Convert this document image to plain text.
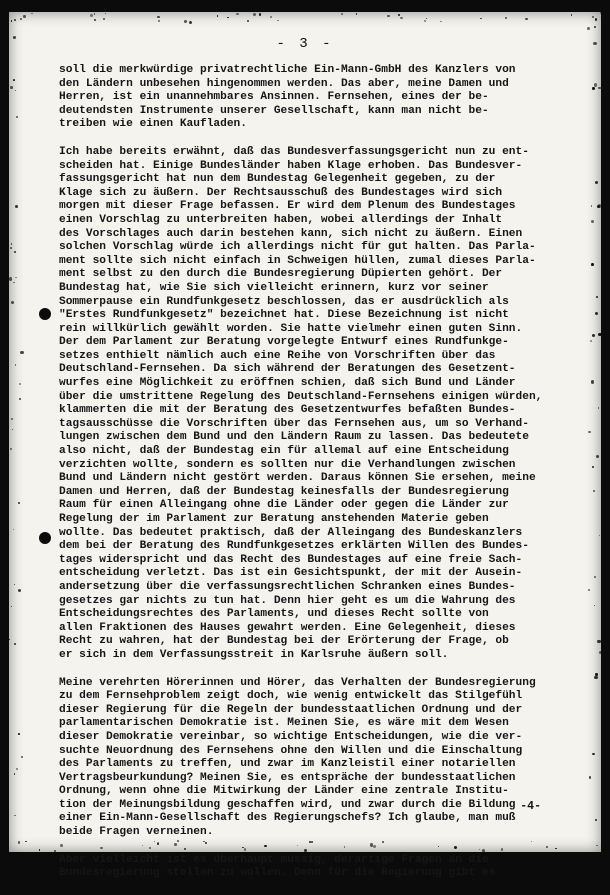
- 3 -
soll die merkwürdige privatrechtliche Ein-Mann-GmbH des Kanzlers von
den Ländern unbesehen hingenommen werden. Das aber, meine Damen und
Herren, ist ein unannehmbares Ansinnen. Fernsehen, eines der be-
deutendsten Instrumente unserer Gesellschaft, kann man nicht be-
treiben wie einen Kaufladen.
Ich habe bereits erwähnt, daß das Bundesverfassungsgericht nun zu ent-
scheiden hat. Einige Bundesländer haben Klage erhoben. Das Bundesver-
fassungsgericht hat nun dem Bundestag Gelegenheit gegeben, zu der
Klage sich zu äußern. Der Rechtsausschuß des Bundestages wird sich
morgen mit dieser Frage befassen. Er wird dem Plenum des Bundestages
einen Vorschlag zu unterbreiten haben, wobei allerdings der Inhalt
des Vorschlages auch darin bestehen kann, sich nicht zu äußern. Einen
solchen Vorschlag würde ich allerdings nicht für gut halten. Das Parla-
ment sollte sich nicht einfach in Schweigen hüllen, zumal dieses Parla-
ment selbst zu den durch die Bundesregierung Düpierten gehört. Der
Bundestag hat, wie Sie sich vielleicht erinnern, kurz vor seiner
Sommerpause ein Rundfunkgesetz beschlossen, das er ausdrücklich als
"Erstes Rundfunkgesetz" bezeichnet hat. Diese Bezeichnung ist nicht
rein willkürlich gewählt worden. Sie hatte vielmehr einen guten Sinn.
Der dem Parlament zur Beratung vorgelegte Entwurf eines Rundfunkge-
setzes enthielt nämlich auch eine Reihe von Vorschriften über das
Deutschland-Fernsehen. Da sich während der Beratungen des Gesetzent-
wurfes eine Möglichkeit zu eröffnen schien, daß sich Bund und Länder
über die umstrittene Regelung des Deutschland-Fernsehens einigen würden,
klammerten die mit der Beratung des Gesetzentwurfes befaßten Bundes-
tagsausschüsse die Vorschriften über das Fernsehen aus, um so Verhand-
lungen zwischen dem Bund und den Ländern Raum zu lassen. Das bedeutete
also nicht, daß der Bundestag ein für allemal auf eine Entscheidung
verzichten wollte, sondern es sollten nur die Verhandlungen zwischen
Bund und Ländern nicht gestört werden. Daraus können Sie ersehen, meine
Damen und Herren, daß der Bundestag keinesfalls der Bundesregierung
Raum für einen Alleingang ohne die Länder oder gegen die Länder zur
Regelung der im Parlament zur Beratung anstehenden Materie geben
wollte. Das bedeutet praktisch, daß der Alleingang des Bundeskanzlers
dem bei der Beratung des Rundfunkgesetzes erklärten Willen des Bundes-
tages widerspricht und das Recht des Bundestages auf eine freie Sach-
entscheidung verletzt. Das ist ein Gesichtspunkt, der mit der Ausein-
andersetzung über die verfassungsrechtlichen Schranken eines Bundes-
gesetzes gar nichts zu tun hat. Denn hier geht es um die Wahrung des
Entscheidungsrechtes des Parlaments, und dieses Recht sollte von
allen Fraktionen des Hauses gewahrt werden. Eine Gelegenheit, dieses
Recht zu wahren, hat der Bundestag bei der Erörterung der Frage, ob
er sich in dem Verfassungsstreit in Karlsruhe äußern soll.
Meine verehrten Hörerinnen und Hörer, das Verhalten der Bundesregierung
zu dem Fernsehproblem zeigt doch, wie wenig entwickelt das Stilgefühl
dieser Regierung für die Regeln der bundesstaatlichen Ordnung und der
parlamentarischen Demokratie ist. Meinen Sie, es wäre mit dem Wesen
dieser Demokratie vereinbar, so wichtige Entscheidungen, wie die ver-
suchte Neuordnung des Fernsehens ohne den Willen und die Einschaltung
des Parlaments zu treffen, und zwar im Kanzleistil einer notariellen
Vertragsbeurkundung? Meinen Sie, es entspräche der bundesstaatlichen
Ordnung, wenn ohne die Mitwirkung der Länder eine zentrale Institu-
tion der Meinungsbildung geschaffen wird, und zwar durch die Bildung
einer Ein-Mann-Gesellschaft des Regierungschefs? Ich glaube, man muß
beide Fragen verneinen.
Aber vielleicht ist es überhaupt müssig, derartige Fragen an die
Bundesregierung stellen zu wollen. Denn für die Regierung gibt es
-4-
